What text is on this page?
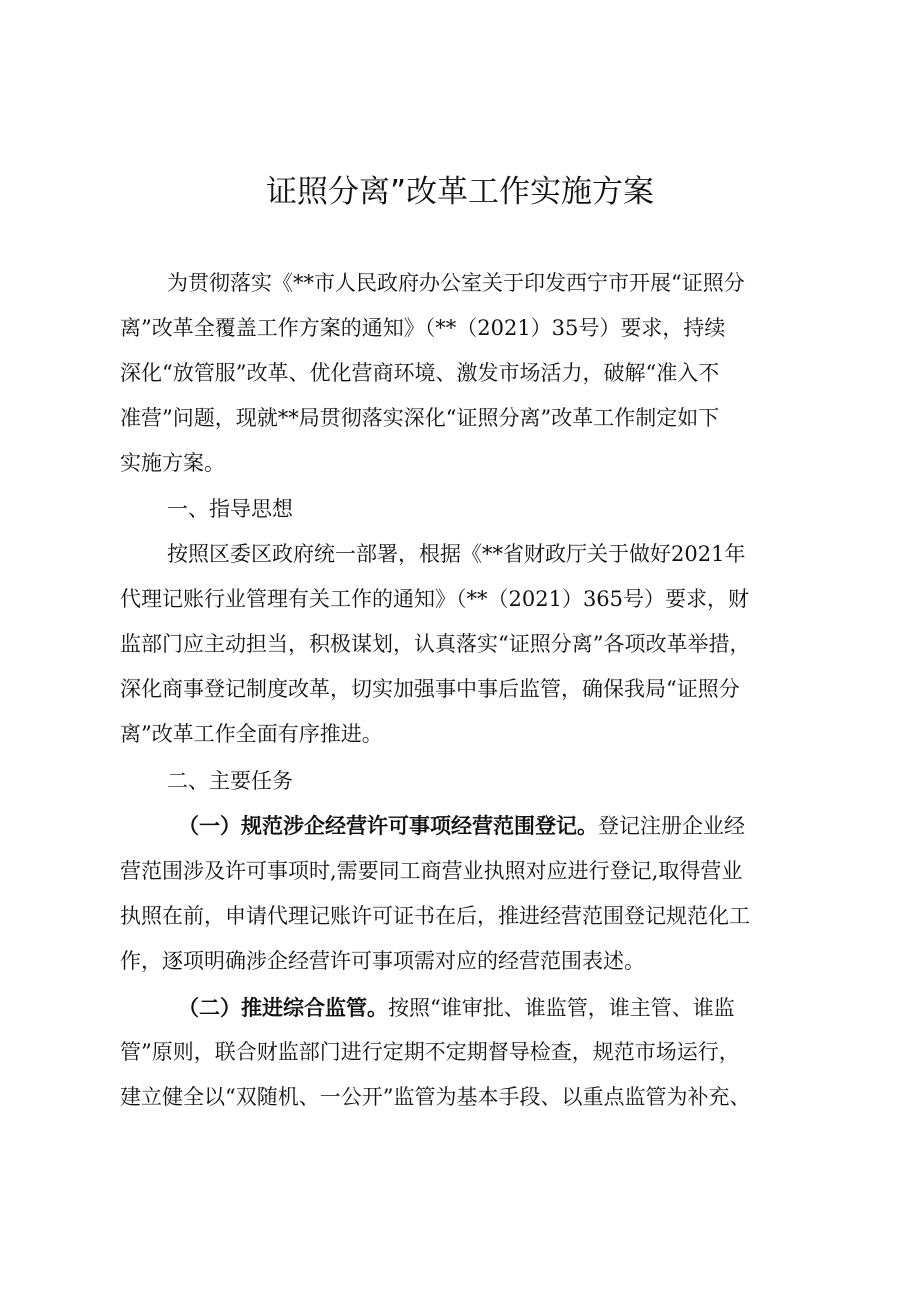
证照分离”改革工作实施方案
为贯彻落实《**市人民政府办公室关于印发西宁市开展“证照分
离”改革全覆盖工作方案的通知》（**（2021）35号）要求，持续
深化“放管服”改革、优化营商环境、激发市场活力，破解“准入不
准营”问题，现就**局贯彻落实深化“证照分离”改革工作制定如下
实施方案。
一、指导思想
按照区委区政府统一部署，根据《**省财政厅关于做好2021年
代理记账行业管理有关工作的通知》（**（2021）365号）要求，财
监部门应主动担当，积极谋划，认真落实“证照分离”各项改革举措，
深化商事登记制度改革，切实加强事中事后监管，确保我局“证照分
离”改革工作全面有序推进。
二、主要任务
（一）规范涉企经营许可事项经营范围登记。登记注册企业经
营范围涉及许可事项时,需要同工商营业执照对应进行登记,取得营业
执照在前，申请代理记账许可证书在后，推进经营范围登记规范化工
作，逐项明确涉企经营许可事项需对应的经营范围表述。
（二）推进综合监管。按照“谁审批、谁监管，谁主管、谁监
管”原则，联合财监部门进行定期不定期督导检查，规范市场运行，
建立健全以“双随机、一公开”监管为基本手段、以重点监管为补充、
